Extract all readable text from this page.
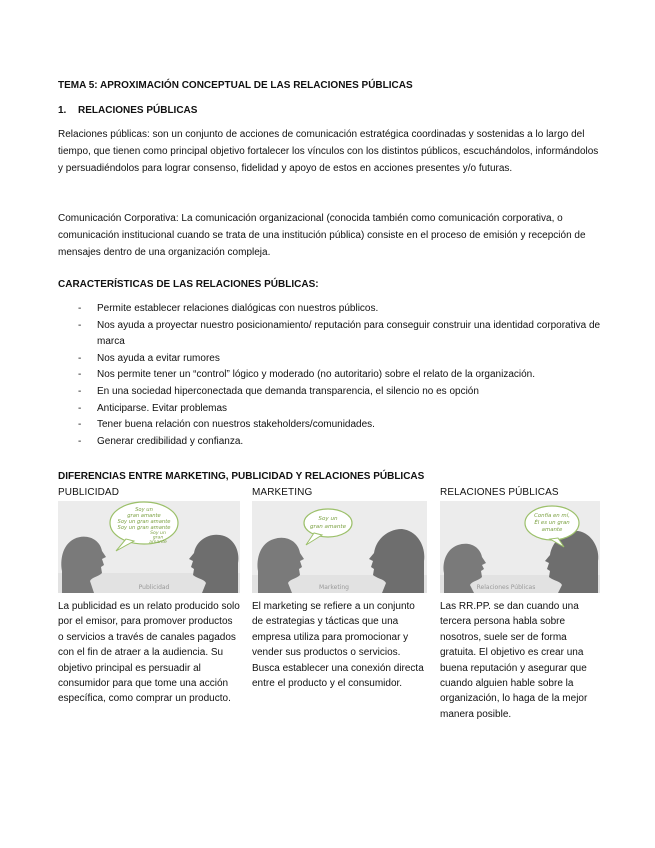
TEMA 5: APROXIMACIÓN CONCEPTUAL DE LAS RELACIONES PÚBLICAS

1. RELACIONES PÚBLICAS

Relaciones públicas: son un conjunto de acciones de comunicación estratégica coordinadas y sostenidas a lo largo del tiempo, que tienen como principal objetivo fortalecer los vínculos con los distintos públicos, escuchándolos, informándolos y persuadiéndolos para lograr consenso, fidelidad y apoyo de estos en acciones presentes y/o futuras.

Comunicación Corporativa: La comunicación organizacional (conocida también como comunicación corporativa, o comunicación institucional cuando se trata de una institución pública) consiste en el proceso de emisión y recepción de mensajes dentro de una organización compleja.

CARACTERÍSTICAS DE LAS RELACIONES PÚBLICAS:

- Permite establecer relaciones dialógicas con nuestros públicos.
- Nos ayuda a proyectar nuestro posicionamiento/ reputación para conseguir construir una identidad corporativa de marca
- Nos ayuda a evitar rumores
- Nos permite tener un “control” lógico y moderado (no autoritario) sobre el relato de la organización.
- En una sociedad hiperconectada que demanda transparencia, el silencio no es opción
- Anticiparse. Evitar problemas
- Tener buena relación con nuestros stakeholders/comunidades.
- Generar credibilidad y confianza.

DIFERENCIAS ENTRE MARKETING, PUBLICIDAD Y RELACIONES PÚBLICAS

PUBLICIDAD
Soy un
gran amante
Soy un gran amante
Soy un gran amante
Soy un
gran
amante
Publicidad
La publicidad es un relato producido solo por el emisor, para promover productos o servicios a través de canales pagados con el fin de atraer a la audiencia. Su objetivo principal es persuadir al consumidor para que tome una acción específica, como comprar un producto.
MARKETING
Soy un
gran amante
Marketing
El marketing se refiere a un conjunto de estrategias y tácticas que una empresa utiliza para promocionar y vender sus productos o servicios. Busca establecer una conexión directa entre el producto y el consumidor.
RELACIONES PÚBLICAS
Confía en mí,
Él es un gran
amante
Relaciones Públicas
Las RR.PP. se dan cuando una tercera persona habla sobre nosotros, suele ser de forma gratuita. El objetivo es crear una buena reputación y asegurar que cuando alguien hable sobre la organización, lo haga de la mejor manera posible.
